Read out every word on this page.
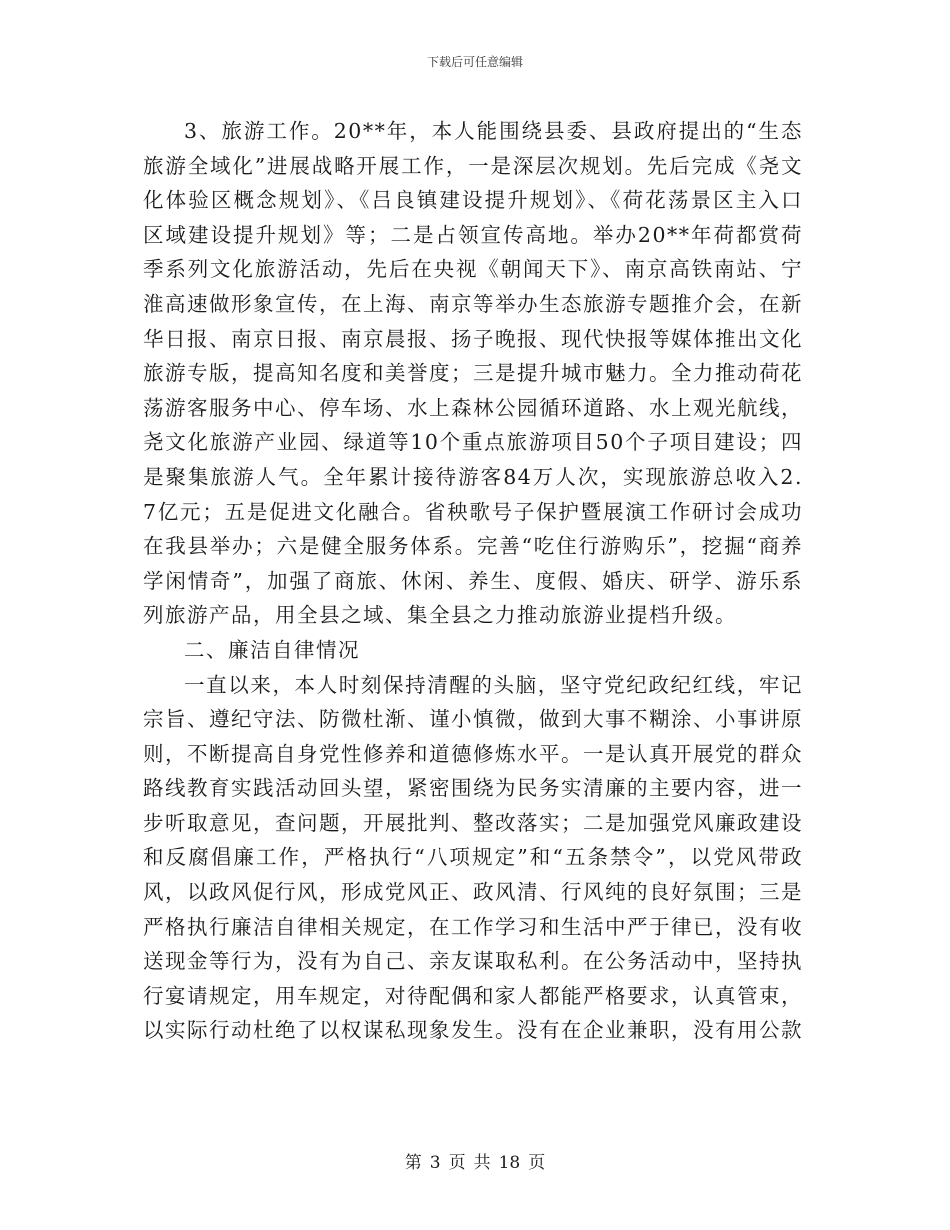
下载后可任意编辑

3、旅游工作。20**年，本人能围绕县委、县政府提出的“生态旅游全域化”进展战略开展工作，一是深层次规划。先后完成《尧文化体验区概念规划》、《吕良镇建设提升规划》、《荷花荡景区主入口区域建设提升规划》等；二是占领宣传高地。举办20**年荷都赏荷季系列文化旅游活动，先后在央视《朝闻天下》、南京高铁南站、宁淮高速做形象宣传，在上海、南京等举办生态旅游专题推介会，在新华日报、南京日报、南京晨报、扬子晚报、现代快报等媒体推出文化旅游专版，提高知名度和美誉度；三是提升城市魅力。全力推动荷花荡游客服务中心、停车场、水上森林公园循环道路、水上观光航线，尧文化旅游产业园、绿道等10个重点旅游项目50个子项目建设；四是聚集旅游人气。全年累计接待游客84万人次，实现旅游总收入2.7亿元；五是促进文化融合。省秧歌号子保护暨展演工作研讨会成功在我县举办；六是健全服务体系。完善“吃住行游购乐”，挖掘“商养学闲情奇”，加强了商旅、休闲、养生、度假、婚庆、研学、游乐系列旅游产品，用全县之域、集全县之力推动旅游业提档升级。

二、廉洁自律情况

一直以来，本人时刻保持清醒的头脑，坚守党纪政纪红线，牢记宗旨、遵纪守法、防微杜渐、谨小慎微，做到大事不糊涂、小事讲原则，不断提高自身党性修养和道德修炼水平。一是认真开展党的群众路线教育实践活动回头望，紧密围绕为民务实清廉的主要内容，进一步听取意见，查问题，开展批判、整改落实；二是加强党风廉政建设和反腐倡廉工作，严格执行“八项规定”和“五条禁令”，以党风带政风，以政风促行风，形成党风正、政风清、行风纯的良好氛围；三是严格执行廉洁自律相关规定，在工作学习和生活中严于律已，没有收送现金等行为，没有为自己、亲友谋取私利。在公务活动中，坚持执行宴请规定，用车规定，对待配偶和家人都能严格要求，认真管束，以实际行动杜绝了以权谋私现象发生。没有在企业兼职，没有用公款

第 3 页 共 18 页
